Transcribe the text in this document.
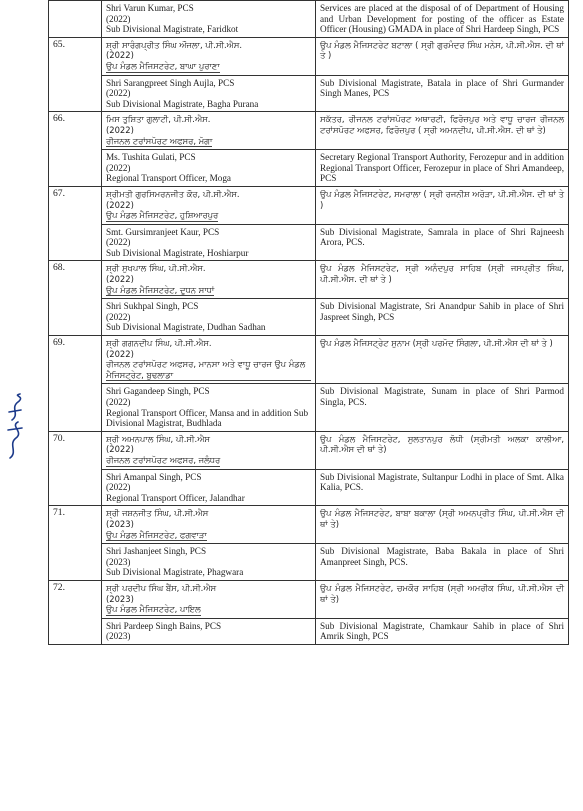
	Shri Varun Kumar, PCS
(2022)
Sub Divisional Magistrate, Faridkot	Services are placed at the disposal of of Department of Housing and Urban Development for posting of the officer as Estate Officer (Housing) GMADA in place of Shri Hardeep Singh, PCS
65.	ਸ਼੍ਰੀ ਸਾਰੰਗਪ੍ਰੀਤ ਸਿੰਘ ਔਜਲਾ, ਪੀ.ਸੀ.ਐਸ.
(2022)
ਉਪ ਮੰਡਲ ਮੈਜਿਸਟਰੇਟ, ਬਾਘਾ ਪੁਰਾਣਾ	ਉਪ ਮੰਡਲ ਮੈਜਿਸਟਰੇਟ ਬਟਾਲਾ ( ਸ੍ਰੀ ਗੁਰਮੰਦਰ ਸਿੰਘ ਮਨੇਸ, ਪੀ.ਸੀ.ਐਸ. ਦੀ ਥਾਂ ਤੇ )

	Shri Sarangpreet Singh Aujla, PCS
(2022)
Sub Divisional Magistrate, Bagha Purana	Sub Divisional Magistrate, Batala in place of Shri Gurmander Singh Manes, PCS
66.	ਮਿਸ ਤੁਸ਼ਿਤਾ ਗੁਲਾਟੀ, ਪੀ.ਸੀ.ਐਸ.
(2022)
ਰੀਜਨਲ ਟਰਾਂਸਪੋਰਟ ਅਫਸਰ, ਮੋਗਾ	ਸਕੱਤਰ, ਰੀਜਨਲ ਟਰਾਂਸਪੋਰਟ ਅਥਾਰਟੀ, ਫਿਰੋਜ਼ਪੁਰ ਅਤੇ ਵਾਧੂ ਚਾਰਜ ਰੀਜਨਲ ਟਰਾਂਸਪੋਰਟ ਅਫਸਰ, ਫਿਰੋਜ਼ਪੁਰ ( ਸ੍ਰੀ ਅਮਨਦੀਪ, ਪੀ.ਸੀ.ਐਸ. ਦੀ ਥਾਂ ਤੇ)

	Ms. Tushita Gulati, PCS
(2022)
Regional Transport Officer, Moga	Secretary Regional Transport Authority, Ferozepur and in addition Regional Transport Officer, Ferozepur in place of Shri Amandeep, PCS
67.	ਸ਼੍ਰੀਮਤੀ ਗੁਰਸਿਮਰਨਜੀਤ ਕੌਰ, ਪੀ.ਸੀ.ਐਸ.
(2022)
ਉਪ ਮੰਡਲ ਮੈਜਿਸਟਰੇਟ, ਹੁਸ਼ਿਆਰਪੁਰ	ਉਪ ਮੰਡਲ ਮੈਜਿਸਟਰੇਟ, ਸਮਰਾਲਾ ( ਸ੍ਰੀ ਰਜਨੀਸ਼ ਅਰੋੜਾ, ਪੀ.ਸੀ.ਐਸ. ਦੀ ਥਾਂ ਤੇ )

	Smt. Gursimranjeet Kaur, PCS
(2022)
Sub Divisional Magistrate, Hoshiarpur	Sub Divisional Magistrate, Samrala in place of Shri Rajneesh Arora, PCS.
68.	ਸ਼੍ਰੀ ਸੁਖਪਾਲ ਸਿੰਘ, ਪੀ.ਸੀ.ਐਸ.
(2022)
ਉਪ ਮੰਡਲ ਮੈਜਿਸਟਰੇਟ, ਦੁਧਨ ਸਾਧਾਂ	ਉਪ ਮੰਡਲ ਮੈਜਿਸਟਰੇਟ, ਸ੍ਰੀ ਅਨੰਦਪੁਰ ਸਾਹਿਬ (ਸ੍ਰੀ ਜਸਪ੍ਰੀਤ ਸਿੰਘ, ਪੀ.ਸੀ.ਐਸ. ਦੀ ਥਾਂ ਤੇ )

	Shri Sukhpal Singh, PCS
(2022)
Sub Divisional Magistrate, Dudhan Sadhan	Sub Divisional Magistrate, Sri Anandpur Sahib in place of Shri Jaspreet Singh, PCS
69.	ਸ਼੍ਰੀ ਗਗਨਦੀਪ ਸਿੰਘ, ਪੀ.ਸੀ.ਐਸ.
(2022)
ਰੀਜਨਲ ਟਰਾਂਸਪੋਰਟ ਅਫਸਰ, ਮਾਨਸਾ ਅਤੇ ਵਾਧੂ ਚਾਰਜ ਉਪ ਮੰਡਲ ਮੈਜਿਸਟ੍ਰੇਟ, ਬੁਢਲਾਡਾ	ਉਪ ਮੰਡਲ ਮੈਜਿਸਟ੍ਰੇਟ ਸੁਨਾਮ (ਸ੍ਰੀ ਪਰਮੋਦ ਸਿੰਗਲਾ, ਪੀ.ਸੀ.ਐਸ ਦੀ ਥਾਂ ਤੇ )

	Shri Gagandeep Singh, PCS
(2022)
Regional Transport Officer, Mansa and in addition Sub Divisional Magistrat, Budhlada	Sub Divisional Magistrate, Sunam in place of Shri Parmod Singla, PCS.
70.	ਸ਼੍ਰੀ ਅਮਨਪਾਲ ਸਿੰਘ, ਪੀ.ਸੀ.ਐਸ
(2022)
ਰੀਜਨਲ ਟਰਾਂਸਪੋਰਟ ਅਫਸਰ, ਜਲੰਧਰ	ਉਪ ਮੰਡਲ ਮੈਜਿਸਟਰੇਟ, ਸੁਲਤਾਨਪੁਰ ਲੋਧੀ (ਸ੍ਰੀਮਤੀ ਅਲਕਾ ਕਾਲੀਆ, ਪੀ.ਸੀ.ਐਸ ਦੀ ਥਾਂ ਤੇ)

	Shri Amanpal Singh, PCS
(2022)
Regional Transport Officer, Jalandhar	Sub Divisional Magistrate, Sultanpur Lodhi in place of Smt. Alka Kalia, PCS.
71.	ਸ਼੍ਰੀ ਜਸ਼ਨਜੀਤ ਸਿੰਘ, ਪੀ.ਸੀ.ਐਸ
(2023)
ਉਪ ਮੰਡਲ ਮੈਜਿਸਟਰੇਟ, ਫਗਵਾੜਾ	ਉਪ ਮੰਡਲ ਮੈਜਿਸਟਰੇਟ, ਬਾਬਾ ਬਕਾਲਾ (ਸ੍ਰੀ ਅਮਨਪ੍ਰੀਤ ਸਿੰਘ, ਪੀ.ਸੀ.ਐਸ ਦੀ ਥਾਂ ਤੇ)

	Shri Jashanjeet Singh, PCS
(2023)
Sub Divisional Magistrate, Phagwara	Sub Divisional Magistrate, Baba Bakala in place of Shri Amanpreet Singh, PCS.
72.	ਸ਼੍ਰੀ ਪਰਦੀਪ ਸਿੰਘ ਬੈਂਸ, ਪੀ.ਸੀ.ਐਸ
(2023)
ਉਪ ਮੰਡਲ ਮੈਜਿਸਟਰੇਟ, ਪਾਇਲ	ਉਪ ਮੰਡਲ ਮੈਜਿਸਟਰੇਟ, ਚਮਕੌਰ ਸਾਹਿਬ (ਸ੍ਰੀ ਅਮਰੀਕ ਸਿੰਘ, ਪੀ.ਸੀ.ਐਸ ਦੀ ਥਾਂ ਤੇ)

	Shri Pardeep Singh Bains, PCS
(2023)	Sub Divisional Magistrate, Chamkaur Sahib in place of Shri Amrik Singh, PCS
